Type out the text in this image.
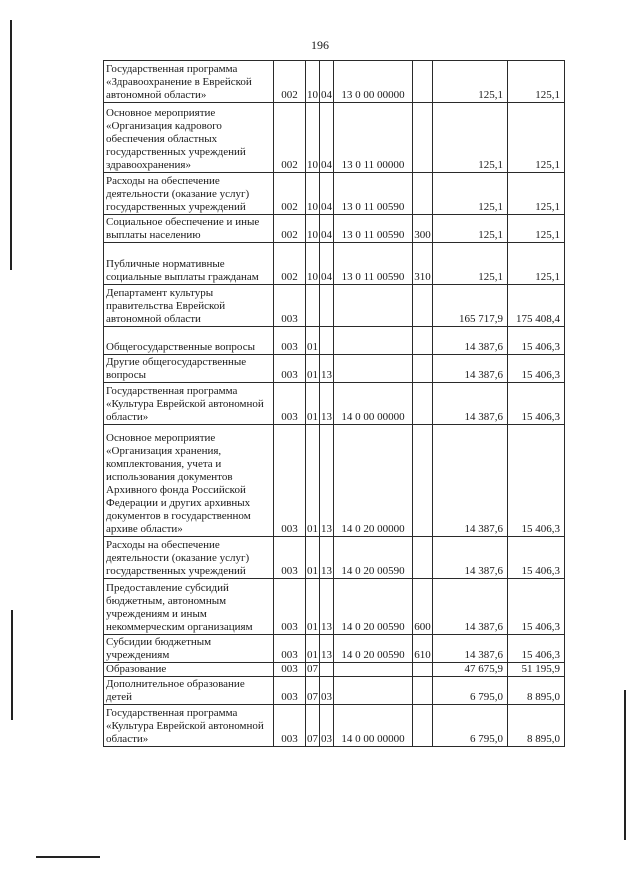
196
Государственная программа «Здравоохранение в Еврейской автономной области»	002	10	04	13 0 00 00000		125,1	125,1
Основное мероприятие «Организация кадрового обеспечения областных государственных учреждений здравоохранения»	002	10	04	13 0 11 00000		125,1	125,1
Расходы на обеспечение деятельности (оказание услуг) государственных учреждений	002	10	04	13 0 11 00590		125,1	125,1
Социальное обеспечение и иные выплаты населению	002	10	04	13 0 11 00590	300	125,1	125,1
Публичные нормативные социальные выплаты гражданам	002	10	04	13 0 11 00590	310	125,1	125,1
Департамент культуры правительства Еврейской автономной области	003					165 717,9	175 408,4
Общегосударственные вопросы	003	01				14 387,6	15 406,3
Другие общегосударственные вопросы	003	01	13			14 387,6	15 406,3
Государственная программа «Культура Еврейской автономной области»	003	01	13	14 0 00 00000		14 387,6	15 406,3
Основное мероприятие «Организация хранения, комплектования, учета и использования документов Архивного фонда Российской Федерации и других архивных документов в государственном архиве области»	003	01	13	14 0 20 00000		14 387,6	15 406,3
Расходы на обеспечение деятельности (оказание услуг) государственных учреждений	003	01	13	14 0 20 00590		14 387,6	15 406,3
Предоставление субсидий бюджетным, автономным учреждениям и иным некоммерческим организациям	003	01	13	14 0 20 00590	600	14 387,6	15 406,3
Субсидии бюджетным учреждениям	003	01	13	14 0 20 00590	610	14 387,6	15 406,3
Образование	003	07				47 675,9	51 195,9
Дополнительное образование детей	003	07	03			6 795,0	8 895,0
Государственная программа «Культура Еврейской автономной области»	003	07	03	14 0 00 00000		6 795,0	8 895,0
